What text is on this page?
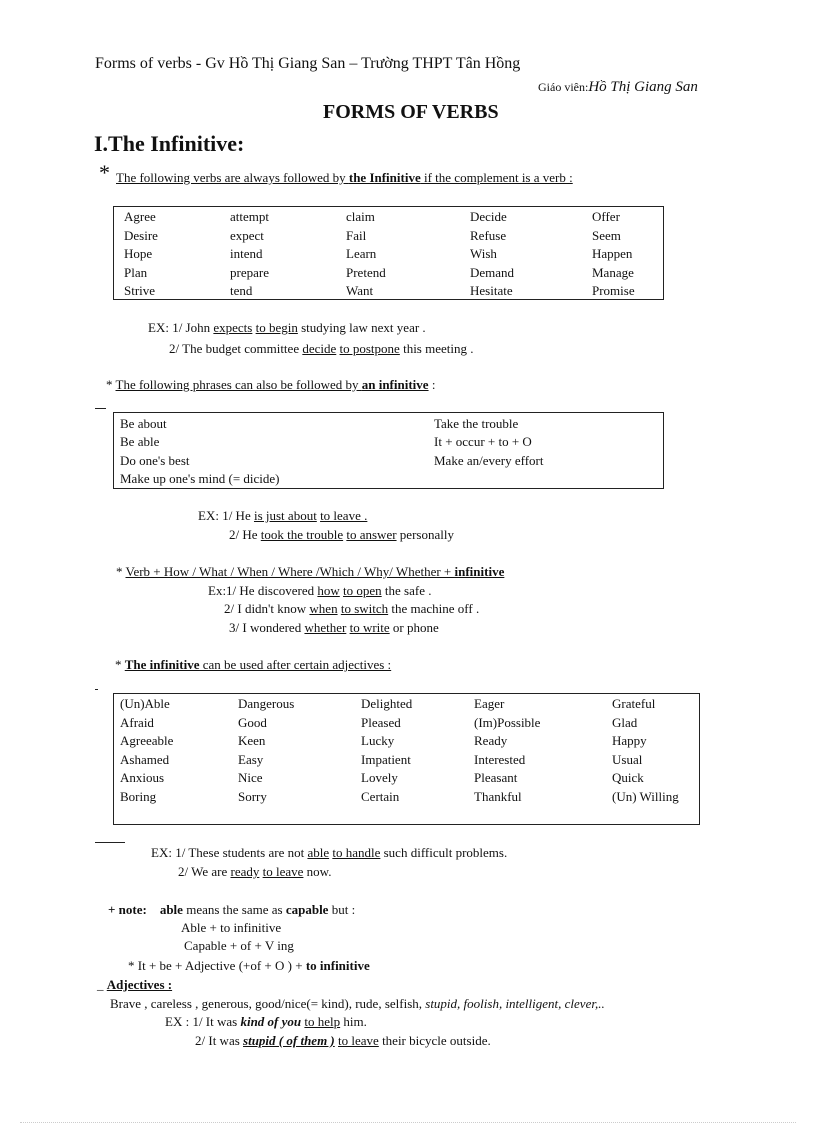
Forms of verbs - Gv Hồ Thị Giang San – Trường THPT Tân Hồng
Giáo viên:Hồ Thị Giang San
FORMS OF VERBS
I.The Infinitive:
* The following verbs are always followed by the Infinitive if the complement is a verb :
Agree	attempt	claim	Decide	Offer
Desire	expect	Fail	Refuse	Seem
Hope	intend	Learn	Wish	Happen
Plan	prepare	Pretend	Demand	Manage
Strive	tend	Want	Hesitate	Promise
EX: 1/ John expects to begin studying law next year .
2/ The budget committee decide to postpone this meeting .
* The following phrases can also be followed by an infinitive :
Be about	Take the trouble
Be able	It + occur + to + O
Do one's best	Make an/every effort
Make up one's mind (= dicide)
EX: 1/ He is just about to leave .
2/ He took the trouble to answer personally
* Verb + How / What / When / Where /Which / Why/ Whether + infinitive
Ex:1/ He discovered how to open the safe .
2/ I didn't know when to switch the machine off .
3/ I wondered whether to write or phone
* The infinitive can be used after certain adjectives :
(Un)Able	Dangerous	Delighted	Eager	Grateful
Afraid	Good	Pleased	(Im)Possible	Glad
Agreeable	Keen	Lucky	Ready	Happy
Ashamed	Easy	Impatient	Interested	Usual
Anxious	Nice	Lovely	Pleasant	Quick
Boring	Sorry	Certain	Thankful	(Un) Willing
EX: 1/ These students are not able to handle such difficult problems.
2/ We are ready to leave now.
+ note: able means the same as capable but :
Able + to infinitive
Capable + of + V ing
* It + be + Adjective (+of + O ) + to infinitive
_ Adjectives :
Brave , careless , generous, good/nice(= kind), rude, selfish, stupid, foolish, intelligent, clever,..
EX : 1/ It was kind of you to help him.
2/ It was stupid ( of them ) to leave their bicycle outside.
